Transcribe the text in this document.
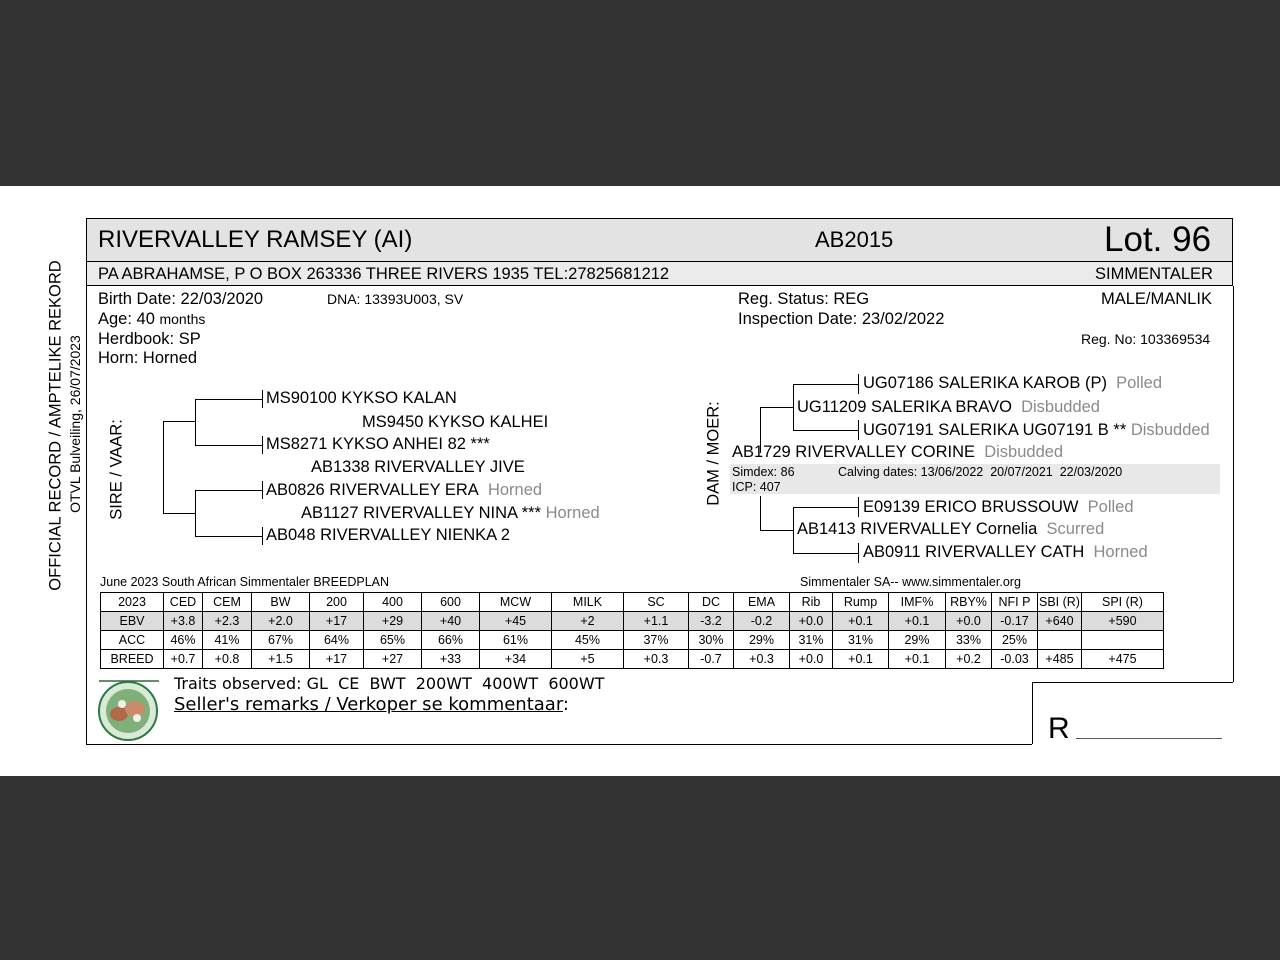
RIVERVALLEY RAMSEY (AI)	AB2015	Lot. 96
PA ABRAHAMSE, P O BOX 263336 THREE RIVERS 1935 TEL:27825681212	SIMMENTALER
OFFICIAL RECORD / AMPTELIKE REKORD OTVL Bulveiling, 26/07/2023
Birth Date: 22/03/2020	DNA: 13393U003, SV
Age: 40 months
Herdbook: SP
Horn: Horned
Reg. Status: REG
Inspection Date: 23/02/2022
MALE/MANLIK
Reg. No: 103369534
SIRE / VAAR:
MS90100 KYKSO KALAN
MS9450 KYKSO KALHEI
MS8271 KYKSO ANHEI 82 ***
AB1338 RIVERVALLEY JIVE
AB0826 RIVERVALLEY ERA Horned
AB1127 RIVERVALLEY NINA *** Horned
AB048 RIVERVALLEY NIENKA 2
DAM / MOER:
UG07186 SALERIKA KAROB (P) Polled
UG11209 SALERIKA BRAVO Disbudded
UG07191 SALERIKA UG07191 B ** Disbudded
AB1729 RIVERVALLEY CORINE Disbudded
Simdex: 86	Calving dates: 13/06/2022  20/07/2021  22/03/2020
ICP: 407
E09139 ERICO BRUSSOUW Polled
AB1413 RIVERVALLEY Cornelia Scurred
AB0911 RIVERVALLEY CATH Horned
June 2023 South African Simmentaler BREEDPLAN	Simmentaler SA-- www.simmentaler.org
2023	CED	CEM	BW	200	400	600	MCW	MILK	SC	DC	EMA	Rib	Rump	IMF%	RBY%	NFI P	SBI (R)	SPI (R)
EBV	+3.8	+2.3	+2.0	+17	+29	+40	+45	+2	+1.1	-3.2	-0.2	+0.0	+0.1	+0.1	+0.0	-0.17	+640	+590
ACC	46%	41%	67%	64%	65%	66%	61%	45%	37%	30%	29%	31%	31%	29%	33%	25%		
BREED	+0.7	+0.8	+1.5	+17	+27	+33	+34	+5	+0.3	-0.7	+0.3	+0.0	+0.1	+0.1	+0.2	-0.03	+485	+475
Traits observed: GL  CE  BWT  200WT  400WT  600WT
Seller's remarks / Verkoper se kommentaar:
R
